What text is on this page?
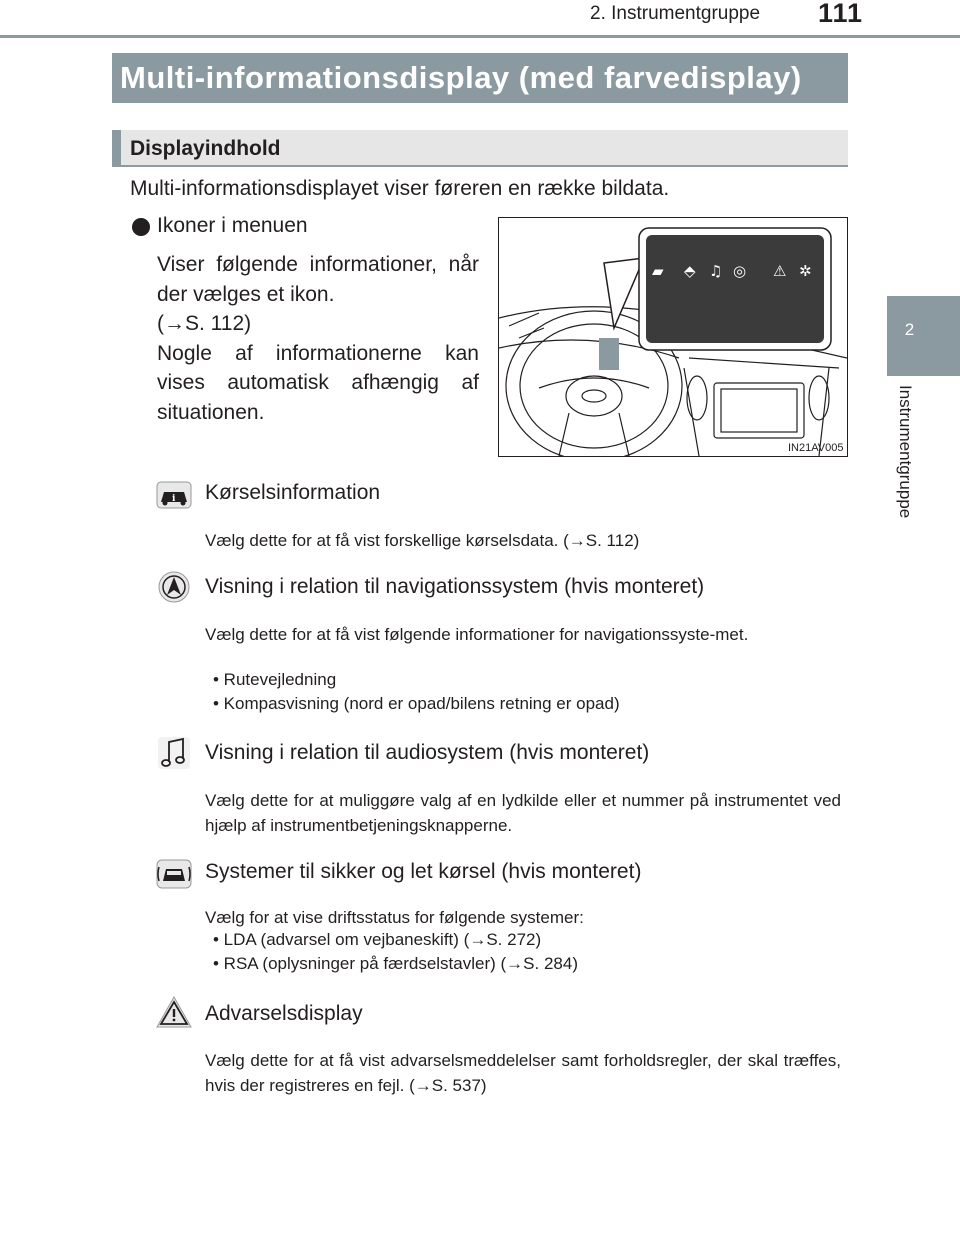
2. Instrumentgruppe 111
2
Instrumentgruppe
Multi-informationsdisplay (med farvedisplay)
Displayindhold
Multi-informationsdisplayet viser føreren en række bildata.
Ikoner i menuen
Viser følgende informationer, når der vælges et ikon.
(→S. 112)
Nogle af informationerne kan vises automatisk afhængig af situationen.
▰ ⬘ ♫ ◎ ⚠ ✲
IN21AV005
i Kørselsinformation
Vælg dette for at få vist forskellige kørselsdata. (→S. 112)
Visning i relation til navigationssystem (hvis monteret)
Vælg dette for at få vist følgende informationer for navigationssyste-met.
• Rutevejledning
• Kompasvisning (nord er opad/bilens retning er opad)
Visning i relation til audiosystem (hvis monteret)
Vælg dette for at muliggøre valg af en lydkilde eller et nummer på instrumentet ved hjælp af instrumentbetjeningsknapperne.
Systemer til sikker og let kørsel (hvis monteret)
Vælg for at vise driftsstatus for følgende systemer:
• LDA (advarsel om vejbaneskift) (→S. 272)
• RSA (oplysninger på færdselstavler) (→S. 284)
Advarselsdisplay
Vælg dette for at få vist advarselsmeddelelser samt forholdsregler, der skal træffes, hvis der registreres en fejl. (→S. 537)
